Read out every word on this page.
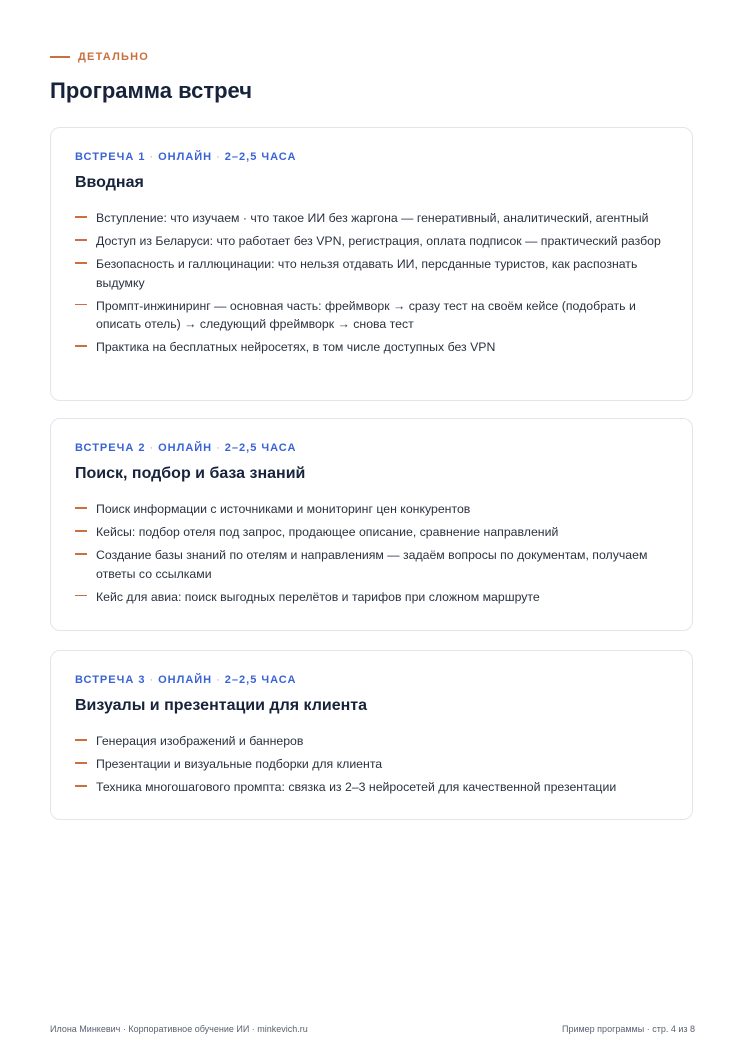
ДЕТАЛЬНО
Программа встреч
ВСТРЕЧА 1 · ОНЛАЙН · 2–2,5 ЧАСА
Вводная
Вступление: что изучаем · что такое ИИ без жаргона — генеративный, аналитический, агентный
Доступ из Беларуси: что работает без VPN, регистрация, оплата подписок — практический разбор
Безопасность и галлюцинации: что нельзя отдавать ИИ, персданные туристов, как распознать выдумку
Промпт-инжиниринг — основная часть: фреймворк → сразу тест на своём кейсе (подобрать и описать отель) → следующий фреймворк → снова тест
Практика на бесплатных нейросетях, в том числе доступных без VPN
ВСТРЕЧА 2 · ОНЛАЙН · 2–2,5 ЧАСА
Поиск, подбор и база знаний
Поиск информации с источниками и мониторинг цен конкурентов
Кейсы: подбор отеля под запрос, продающее описание, сравнение направлений
Создание базы знаний по отелям и направлениям — задаём вопросы по документам, получаем ответы со ссылками
Кейс для авиа: поиск выгодных перелётов и тарифов при сложном маршруте
ВСТРЕЧА 3 · ОНЛАЙН · 2–2,5 ЧАСА
Визуалы и презентации для клиента
Генерация изображений и баннеров
Презентации и визуальные подборки для клиента
Техника многошагового промпта: связка из 2–3 нейросетей для качественной презентации
Илона Минкевич · Корпоративное обучение ИИ · minkevich.ru	Пример программы · стр. 4 из 8
